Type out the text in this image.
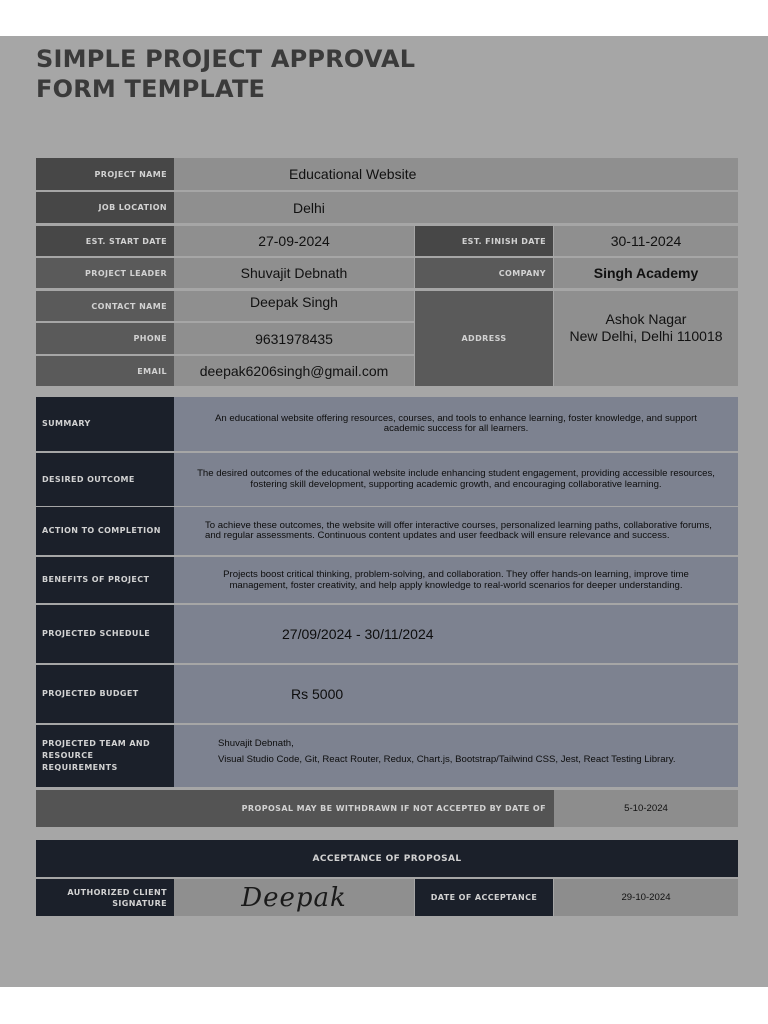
SIMPLE PROJECT APPROVAL
FORM TEMPLATE
PROJECT NAME	Educational Website
JOB LOCATION	Delhi
EST. START DATE	27-09-2024	EST. FINISH DATE	30-11-2024
PROJECT LEADER	Shuvajit Debnath	COMPANY	Singh Academy
CONTACT NAME	Deepak Singh
PHONE	9631978435
EMAIL	deepak6206singh@gmail.com
ADDRESS
Ashok Nagar
New Delhi, Delhi 110018
SUMMARY	An educational website offering resources, courses, and tools to enhance learning, foster knowledge, and support academic success for all learners.
DESIRED OUTCOME	The desired outcomes of the educational website include enhancing student engagement, providing accessible resources, fostering skill development, supporting academic growth, and encouraging collaborative learning.
ACTION TO COMPLETION	To achieve these outcomes, the website will offer interactive courses, personalized learning paths, collaborative forums, and regular assessments. Continuous content updates and user feedback will ensure relevance and success.
BENEFITS OF PROJECT	Projects boost critical thinking, problem-solving, and collaboration. They offer hands-on learning, improve time management, foster creativity, and help apply knowledge to real-world scenarios for deeper understanding.
PROJECTED SCHEDULE	27/09/2024 - 30/11/2024
PROJECTED BUDGET	Rs 5000
PROJECTED TEAM AND RESOURCE REQUIREMENTS
Shuvajit Debnath,
Visual Studio Code, Git, React Router, Redux, Chart.js, Bootstrap/Tailwind CSS, Jest, React Testing Library.
PROPOSAL MAY BE WITHDRAWN IF NOT ACCEPTED BY DATE OF	5-10-2024
ACCEPTANCE OF PROPOSAL
AUTHORIZED CLIENT SIGNATURE	Deepak	DATE OF ACCEPTANCE	29-10-2024
